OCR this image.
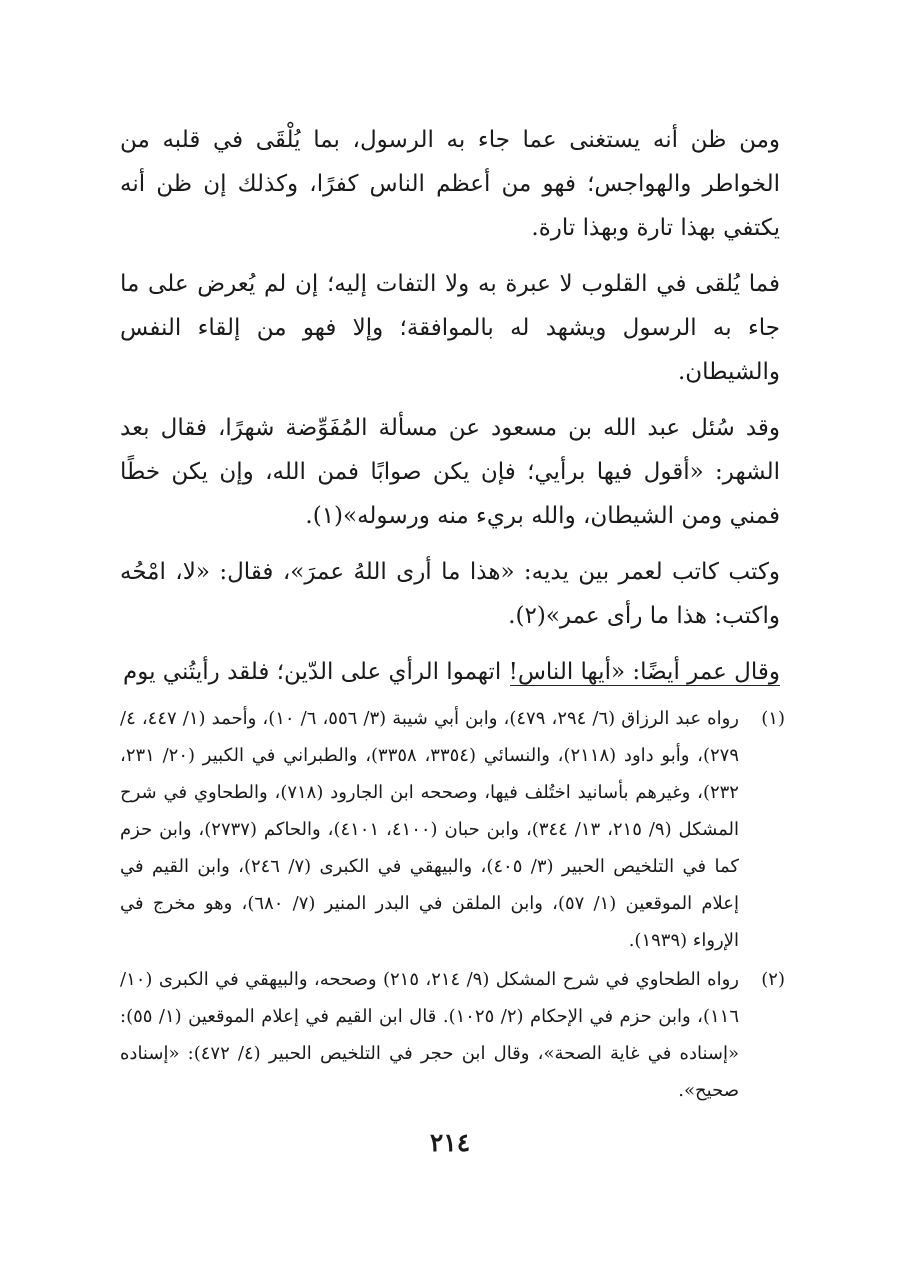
ومن ظن أنه يستغنى عما جاء به الرسول، بما يُلْقَى في قلبه من الخواطر والهواجس؛ فهو من أعظم الناس كفرًا، وكذلك إن ظن أنه يكتفي بهذا تارة وبهذا تارة.

فما يُلقى في القلوب لا عبرة به ولا التفات إليه؛ إن لم يُعرض على ما جاء به الرسول ويشهد له بالموافقة؛ وإلا فهو من إلقاء النفس والشيطان.

وقد سُئل عبد الله بن مسعود عن مسألة المُفَوِّضة شهرًا، فقال بعد الشهر: «أقول فيها برأيي؛ فإن يكن صوابًا فمن الله، وإن يكن خطًا فمني ومن الشيطان، والله بريء منه ورسوله»(١).

وكتب كاتب لعمر بين يديه: «هذا ما أرى اللهُ عمرَ»، فقال: «لا، امْحُه واكتب: هذا ما رأى عمر»(٢).

وقال عمر أيضًا: «أيها الناس! اتهموا الرأي على الدّين؛ فلقد رأيتُني يوم

(١)
رواه عبد الرزاق (٦/ ٢٩٤، ٤٧٩)، وابن أبي شيبة (٣/ ٥٥٦، ٦/ ١٠)، وأحمد (١/ ٤٤٧، ٤/ ٢٧٩)، وأبو داود (٢١١٨)، والنسائي (٣٣٥٤، ٣٣٥٨)، والطبراني في الكبير (٢٠/ ٢٣١، ٢٣٢)، وغيرهم بأسانيد اختُلف فيها، وصححه ابن الجارود (٧١٨)، والطحاوي في شرح المشكل (٩/ ٢١٥، ١٣/ ٣٤٤)، وابن حبان (٤١٠٠، ٤١٠١)، والحاكم (٢٧٣٧)، وابن حزم كما في التلخيص الحبير (٣/ ٤٠٥)، والبيهقي في الكبرى (٧/ ٢٤٦)، وابن القيم في إعلام الموقعين (١/ ٥٧)، وابن الملقن في البدر المنير (٧/ ٦٨٠)، وهو مخرج في الإرواء (١٩٣٩).
(٢)
رواه الطحاوي في شرح المشكل (٩/ ٢١٤، ٢١٥) وصححه، والبيهقي في الكبرى (١٠/ ١١٦)، وابن حزم في الإحكام (٢/ ١٠٢٥). قال ابن القيم في إعلام الموقعين (١/ ٥٥): «إسناده في غاية الصحة»، وقال ابن حجر في التلخيص الحبير (٤/ ٤٧٢): «إسناده صحيح».
٢١٤
